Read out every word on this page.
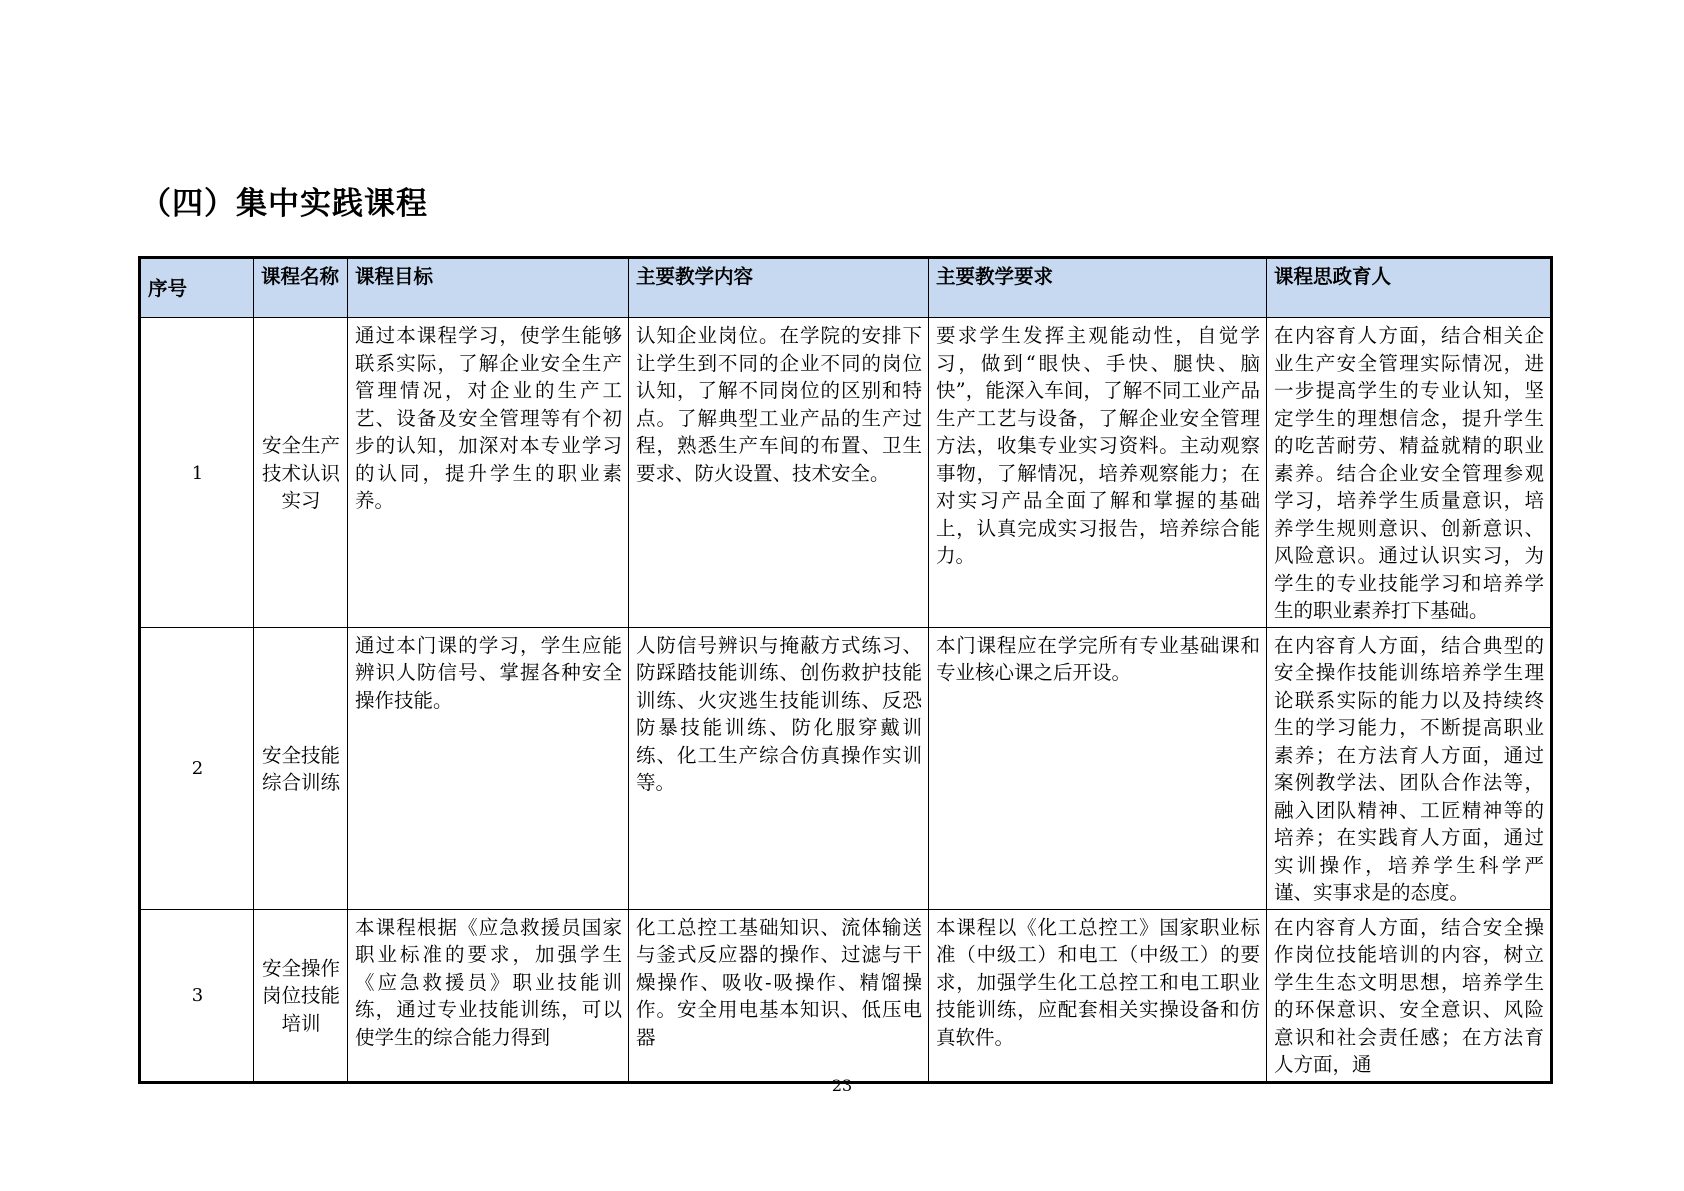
（四）集中实践课程
序号	课程名称	课程目标	主要教学内容	主要教学要求	课程思政育人
1	安全生产技术认识实习	通过本课程学习，使学生能够联系实际，了解企业安全生产管理情况，对企业的生产工艺、设备及安全管理等有个初步的认知，加深对本专业学习的认同，提升学生的职业素养。	认知企业岗位。在学院的安排下让学生到不同的企业不同的岗位认知，了解不同岗位的区别和特点。了解典型工业产品的生产过程，熟悉生产车间的布置、卫生要求、防火设置、技术安全。	要求学生发挥主观能动性，自觉学习，做到“眼快、手快、腿快、脑快”，能深入车间，了解不同工业产品生产工艺与设备，了解企业安全管理方法，收集专业实习资料。主动观察事物，了解情况，培养观察能力；在对实习产品全面了解和掌握的基础上，认真完成实习报告，培养综合能力。	在内容育人方面，结合相关企业生产安全管理实际情况，进一步提高学生的专业认知，坚定学生的理想信念，提升学生的吃苦耐劳、精益就精的职业素养。结合企业安全管理参观学习，培养学生质量意识，培养学生规则意识、创新意识、风险意识。通过认识实习，为学生的专业技能学习和培养学生的职业素养打下基础。
2	安全技能综合训练	通过本门课的学习，学生应能辨识人防信号、掌握各种安全操作技能。	人防信号辨识与掩蔽方式练习、防踩踏技能训练、创伤救护技能训练、火灾逃生技能训练、反恐防暴技能训练、防化服穿戴训练、化工生产综合仿真操作实训等。	本门课程应在学完所有专业基础课和专业核心课之后开设。	在内容育人方面，结合典型的安全操作技能训练培养学生理论联系实际的能力以及持续终生的学习能力，不断提高职业素养；在方法育人方面，通过案例教学法、团队合作法等，融入团队精神、工匠精神等的培养；在实践育人方面，通过实训操作，培养学生科学严谨、实事求是的态度。
3	安全操作岗位技能培训	本课程根据《应急救援员国家职业标准的要求，加强学生《应急救援员》职业技能训练，通过专业技能训练，可以使学生的综合能力得到	化工总控工基础知识、流体输送与釜式反应器的操作、过滤与干燥操作、吸收-吸操作、精馏操作。安全用电基本知识、低压电器	本课程以《化工总控工》国家职业标准（中级工）和电工（中级工）的要求，加强学生化工总控工和电工职业技能训练，应配套相关实操设备和仿真软件。	在内容育人方面，结合安全操作岗位技能培训的内容，树立学生生态文明思想，培养学生的环保意识、安全意识、风险意识和社会责任感；在方法育人方面，通
23
